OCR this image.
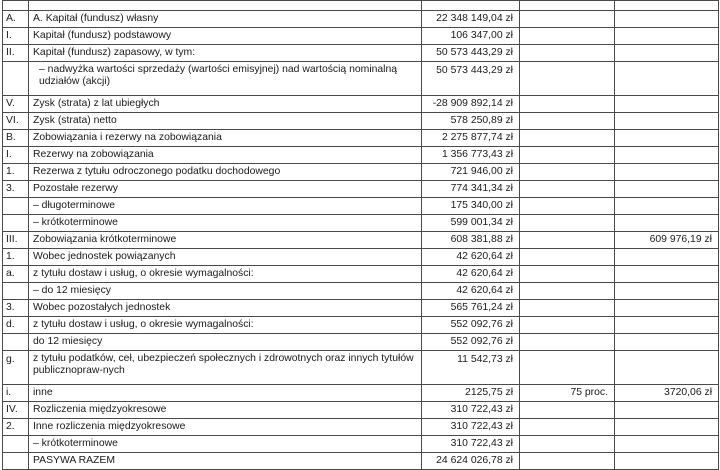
A.	A. Kapitał (fundusz) własny	22 348 149,04 zł		
I.	Kapitał (fundusz) podstawowy	106 347,00 zł		
II.	Kapitał (fundusz) zapasowy, w tym:	50 573 443,29 zł		
	– nadwyżka wartości sprzedaży (wartości emisyjnej) nad wartością nominalną udziałów (akcji)	50 573 443,29 zł		
V.	Zysk (strata) z lat ubiegłych	-28 909 892,14 zł		
VI.	Zysk (strata) netto	578 250,89 zł		
B.	Zobowiązania i rezerwy na zobowiązania	2 275 877,74 zł		
I.	Rezerwy na zobowiązania	1 356 773,43 zł		
1.	Rezerwa z tytułu odroczonego podatku dochodowego	721 946,00 zł		
3.	Pozostałe rezerwy	774 341,34 zł		
	– długoterminowe	175 340,00 zł		
	– krótkoterminowe	599 001,34 zł		
III.	Zobowiązania krótkoterminowe	608 381,88 zł		609 976,19 zł
1.	Wobec jednostek powiązanych	42 620,64 zł		
a.	z tytułu dostaw i usług, o okresie wymagalności:	42 620,64 zł		
	– do 12 miesięcy	42 620,64 zł		
3.	Wobec pozostałych jednostek	565 761,24 zł		
d.	z tytułu dostaw i usług, o okresie wymagalności:	552 092,76 zł		
	do 12 miesięcy	552 092,76 zł		
g.	z tytułu podatków, ceł, ubezpieczeń społecznych i zdrowotnych oraz innych tytułów publicznopraw-nych	11 542,73 zł		
i.	inne	2125,75 zł	75 proc.	3720,06 zł
IV.	Rozliczenia międzyokresowe	310 722,43 zł		
2.	Inne rozliczenia międzyokresowe	310 722,43 zł		
	– krótkoterminowe	310 722,43 zł		
	PASYWA RAZEM	24 624 026,78 zł		
